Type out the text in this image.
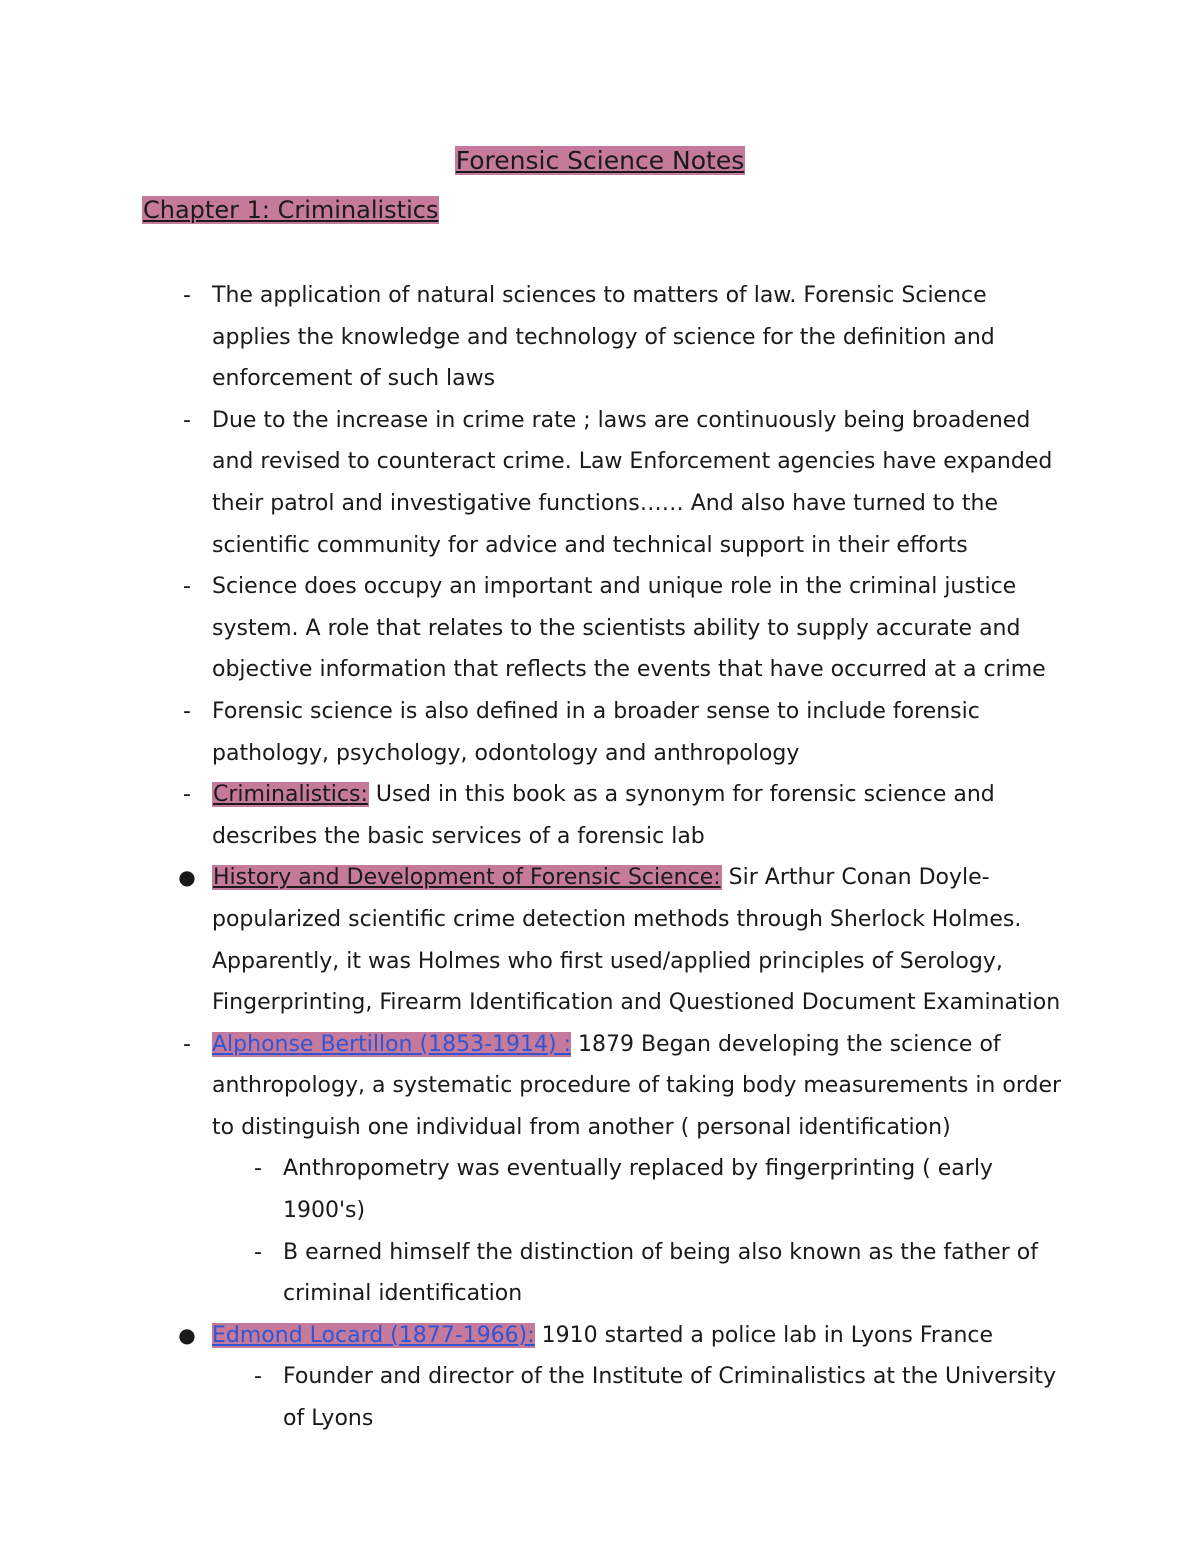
Forensic Science Notes
Chapter 1: Criminalistics
- The application of natural sciences to matters of law. Forensic Science applies the knowledge and technology of science for the definition and enforcement of such laws
- Due to the increase in crime rate ; laws are continuously being broadened and revised to counteract crime. Law Enforcement agencies have expanded their patrol and investigative functions…… And also have turned to the scientific community for advice and technical support in their efforts
- Science does occupy an important and unique role in the criminal justice system. A role that relates to the scientists ability to supply accurate and objective information that reflects the events that have occurred at a crime
- Forensic science is also defined in a broader sense to include forensic pathology, psychology, odontology and anthropology
-	Criminalistics: Used in this book as a synonym for forensic science and describes the basic services of a forensic lab
● History and Development of Forensic Science: Sir Arthur Conan Doyle- popularized scientific crime detection methods through Sherlock Holmes. Apparently, it was Holmes who first used/applied principles of Serology, Fingerprinting, Firearm Identification and Questioned Document Examination
- Alphonse Bertillon (1853-1914) : 1879 Began developing the science of anthropology, a systematic procedure of taking body measurements in order to distinguish one individual from another ( personal identification)
- Anthropometry was eventually replaced by fingerprinting ( early 1900's)
- B earned himself the distinction of being also known as the father of criminal identification
● Edmond Locard (1877-1966): 1910 started a police lab in Lyons France
- Founder and director of the Institute of Criminalistics at the University of Lyons
